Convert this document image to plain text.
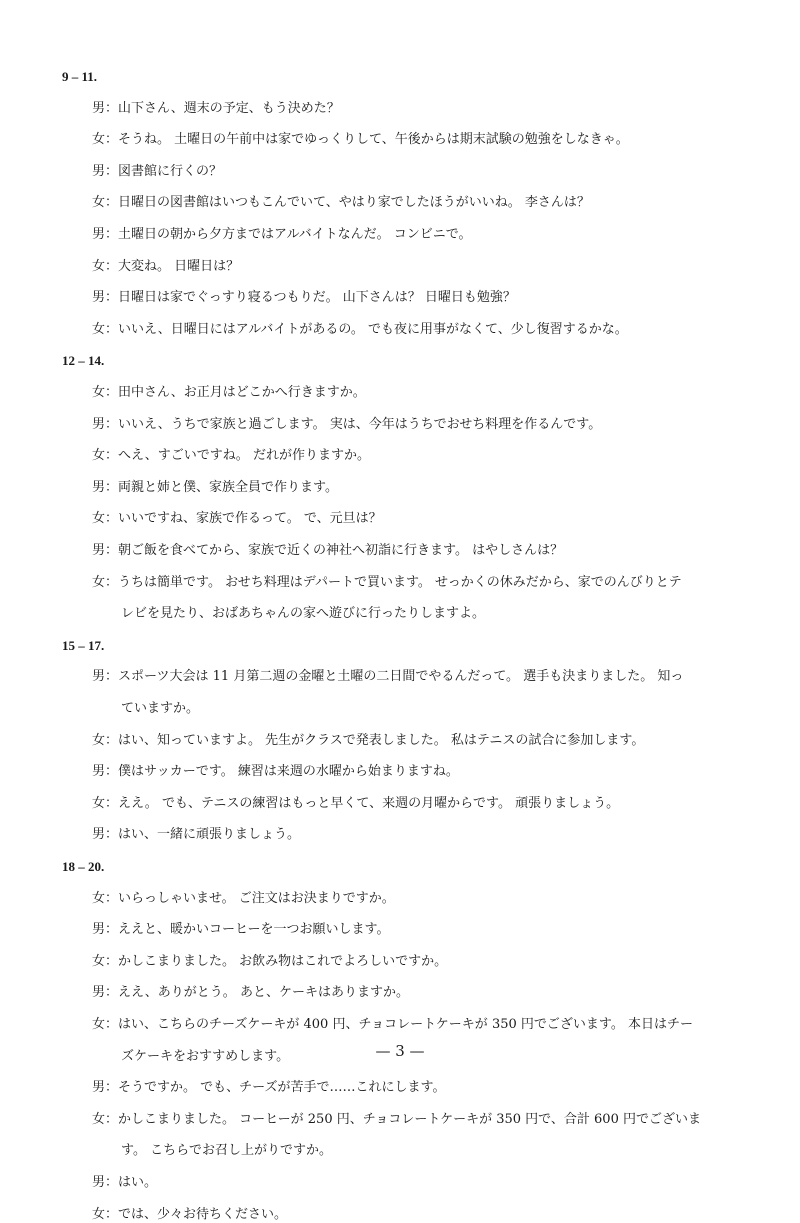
9 – 11.
男：山下さん、週末の予定、もう決めた？
女：そうね。 土曜日の午前中は家でゆっくりして、午後からは期末試験の勉強をしなきゃ。
男：図書館に行くの？
女：日曜日の図書館はいつもこんでいて、やはり家でしたほうがいいね。 李さんは？
男：土曜日の朝から夕方まではアルバイトなんだ。 コンビニで。
女：大変ね。 日曜日は？
男：日曜日は家でぐっすり寝るつもりだ。 山下さんは？ 日曜日も勉強？
女：いいえ、日曜日にはアルバイトがあるの。 でも夜に用事がなくて、少し復習するかな。
12 – 14.
女：田中さん、お正月はどこかへ行きますか。
男：いいえ、うちで家族と過ごします。 実は、今年はうちでおせち料理を作るんです。
女：へえ、すごいですね。 だれが作りますか。
男：両親と姉と僕、家族全員で作ります。
女：いいですね、家族で作るって。 で、元旦は？
男：朝ご飯を食べてから、家族で近くの神社へ初詣に行きます。 はやしさんは？
女：うちは簡単です。 おせち料理はデパートで買います。 せっかくの休みだから、家でのんびりとテ
レビを見たり、おばあちゃんの家へ遊びに行ったりしますよ。
15 – 17.
男：スポーツ大会は 11 月第二週の金曜と土曜の二日間でやるんだって。 選手も決まりました。 知っ
ていますか。
女：はい、知っていますよ。 先生がクラスで発表しました。 私はテニスの試合に参加します。
男：僕はサッカーです。 練習は来週の水曜から始まりますね。
女：ええ。 でも、テニスの練習はもっと早くて、来週の月曜からです。 頑張りましょう。
男：はい、一緒に頑張りましょう。
18 – 20.
女：いらっしゃいませ。 ご注文はお決まりですか。
男：ええと、暖かいコーヒーを一つお願いします。
女：かしこまりました。 お飲み物はこれでよろしいですか。
男：ええ、ありがとう。 あと、ケーキはありますか。
女：はい、こちらのチーズケーキが 400 円、チョコレートケーキが 350 円でございます。 本日はチー
ズケーキをおすすめします。
男：そうですか。 でも、チーズが苦手で……これにします。
女：かしこまりました。 コーヒーが 250 円、チョコレートケーキが 350 円で、合計 600 円でございま
す。 こちらでお召し上がりですか。
男：はい。
女：では、少々お待ちください。
— 3 —
